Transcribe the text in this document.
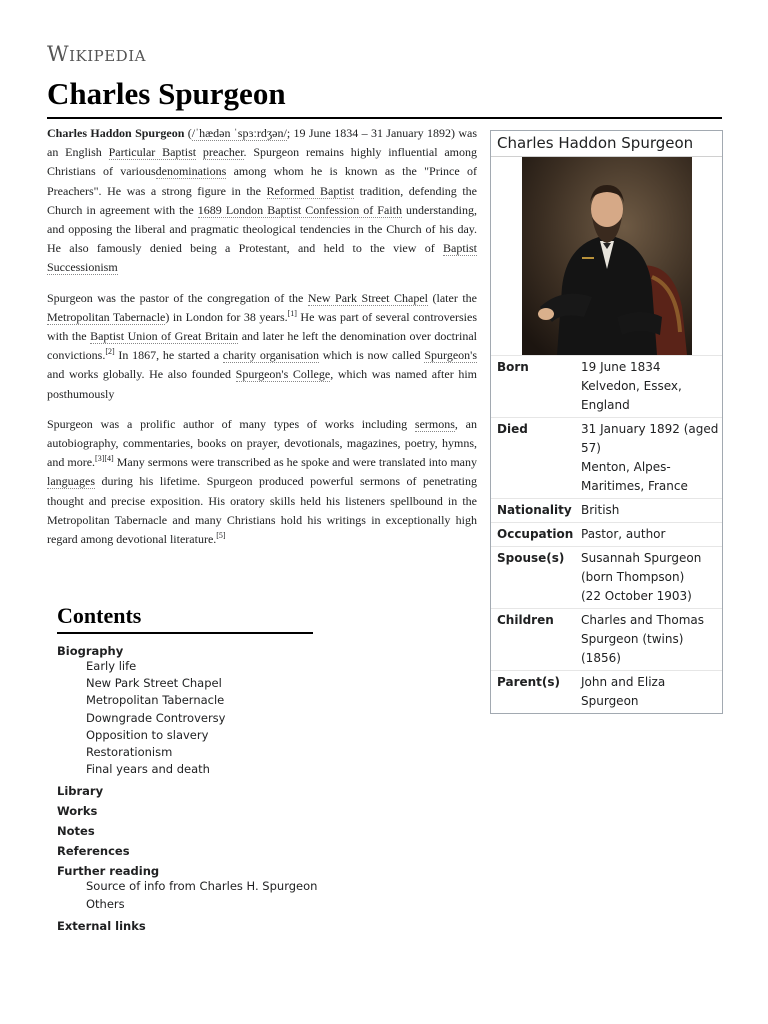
Wikipedia
Charles Spurgeon

Charles Haddon Spurgeon (/ˈhædən ˈspɜːrdʒən/; 19 June 1834 – 31 January 1892) was an English Particular Baptist preacher. Spurgeon remains highly influential among Christians of variousdenominations among whom he is known as the "Prince of Preachers". He was a strong figure in the Reformed Baptist tradition, defending the Church in agreement with the 1689 London Baptist Confession of Faith understanding, and opposing the liberal and pragmatic theological tendencies in the Church of his day. He also famously denied being a Protestant, and held to the view of Baptist Successionism

Spurgeon was the pastor of the congregation of the New Park Street Chapel (later the Metropolitan Tabernacle) in London for 38 years.[1] He was part of several controversies with the Baptist Union of Great Britain and later he left the denomination over doctrinal convictions.[2] In 1867, he started a charity organisation which is now called Spurgeon's and works globally. He also founded Spurgeon's College, which was named after him posthumously

Spurgeon was a prolific author of many types of works including sermons, an autobiography, commentaries, books on prayer, devotionals, magazines, poetry, hymns, and more.[3][4] Many sermons were transcribed as he spoke and were translated into many languages during his lifetime. Spurgeon produced powerful sermons of penetrating thought and precise exposition. His oratory skills held his listeners spellbound in the Metropolitan Tabernacle and many Christians hold his writings in exceptionally high regard among devotional literature.[5]

Charles Haddon Spurgeon
Born	19 June 1834
Kelvedon, Essex, England
Died	31 January 1892 (aged 57)
Menton, Alpes-Maritimes, France
Nationality British
Occupation Pastor, author
Spouse(s)	Susannah Spurgeon (born Thompson)
(22 October 1903)
Children	Charles and Thomas Spurgeon (twins)
(1856)
Parent(s)	John and Eliza Spurgeon
Contents
Biography
Early life
New Park Street Chapel
Metropolitan Tabernacle
Downgrade Controversy
Opposition to slavery
Restorationism
Final years and death
Library
Works
Notes
References
Further reading
Source of info from Charles H. Spurgeon
Others
External links
